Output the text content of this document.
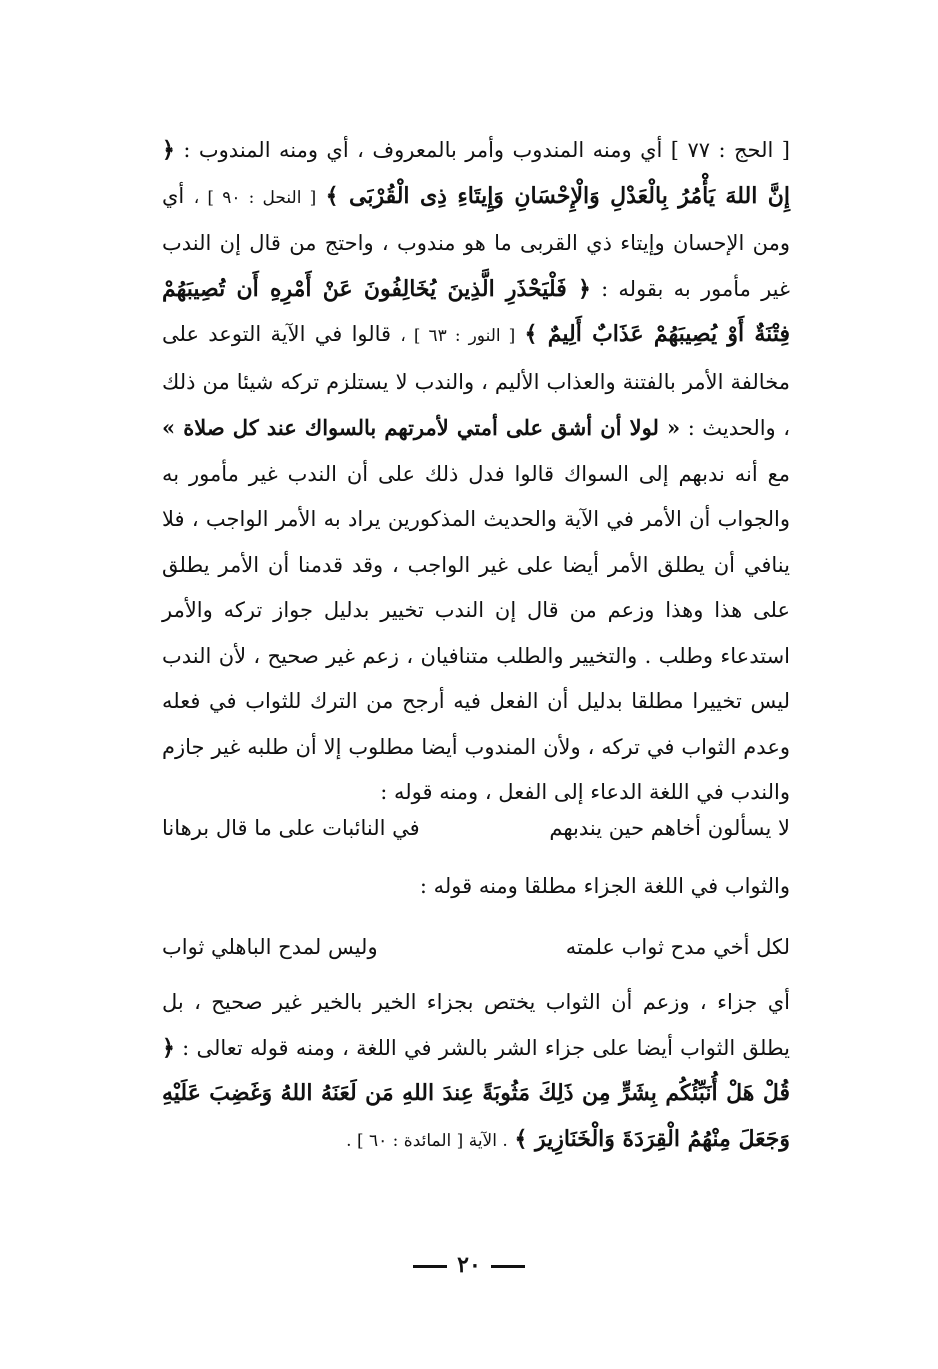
[ الحج : ٧٧ ] أي ومنه المندوب وأمر بالمعروف ، أي ومنه المندوب : ﴿ إِنَّ اللهَ يَأْمُرُ بِالْعَدْلِ وَالْإِحْسَانِ وَإِيتَاءِ ذِى الْقُرْبَى ﴾ [ النحل : ٩٠ ] ، أي ومن الإحسان وإيتاء ذي القربى ما هو مندوب ، واحتج من قال إن الندب غير مأمور به بقوله : ﴿ فَلْيَحْذَرِ الَّذِينَ يُخَالِفُونَ عَنْ أَمْرِهِ أَن تُصِيبَهُمْ فِتْنَةٌ أَوْ يُصِيبَهُمْ عَذَابٌ أَلِيمٌ ﴾ [ النور : ٦٣ ] ، قالوا في الآية التوعد على مخالفة الأمر بالفتنة والعذاب الأليم ، والندب لا يستلزم تركه شيئا من ذلك ، والحديث : « لولا أن أشق على أمتي لأمرتهم بالسواك عند كل صلاة » مع أنه ندبهم إلى السواك قالوا فدل ذلك على أن الندب غير مأمور به والجواب أن الأمر في الآية والحديث المذكورين يراد به الأمر الواجب ، فلا ينافي أن يطلق الأمر أيضا على غير الواجب ، وقد قدمنا أن الأمر يطلق على هذا وهذا وزعم من قال إن الندب تخيير بدليل جواز تركه والأمر استدعاء وطلب . والتخيير والطلب متنافيان ، زعم غير صحيح ، لأن الندب ليس تخييرا مطلقا بدليل أن الفعل فيه أرجح من الترك للثواب في فعله وعدم الثواب في تركه ، ولأن المندوب أيضا مطلوب إلا أن طلبه غير جازم والندب في اللغة الدعاء إلى الفعل ، ومنه قوله :

لا يسألون أخاهم حين يندبهم
في النائبات على ما قال برهانا
والثواب في اللغة الجزاء مطلقا ومنه قوله :
لكل أخي مدح ثواب علمته
وليس لمدح الباهلي ثواب
أي جزاء ، وزعم أن الثواب يختص بجزاء الخير بالخير غير صحيح ، بل يطلق الثواب أيضا على جزاء الشر بالشر في اللغة ، ومنه قوله تعالى : ﴿ قُلْ هَلْ أُنَبِّئُكُم بِشَرٍّ مِن ذَلِكَ مَثُوبَةً عِندَ اللهِ مَن لَعَنَهُ اللهُ وَغَضِبَ عَلَيْهِ وَجَعَلَ مِنْهُمُ الْقِرَدَةَ وَالْخَنَازِيرَ ﴾ . الآية [ المائدة : ٦٠ ] .
٢٠
